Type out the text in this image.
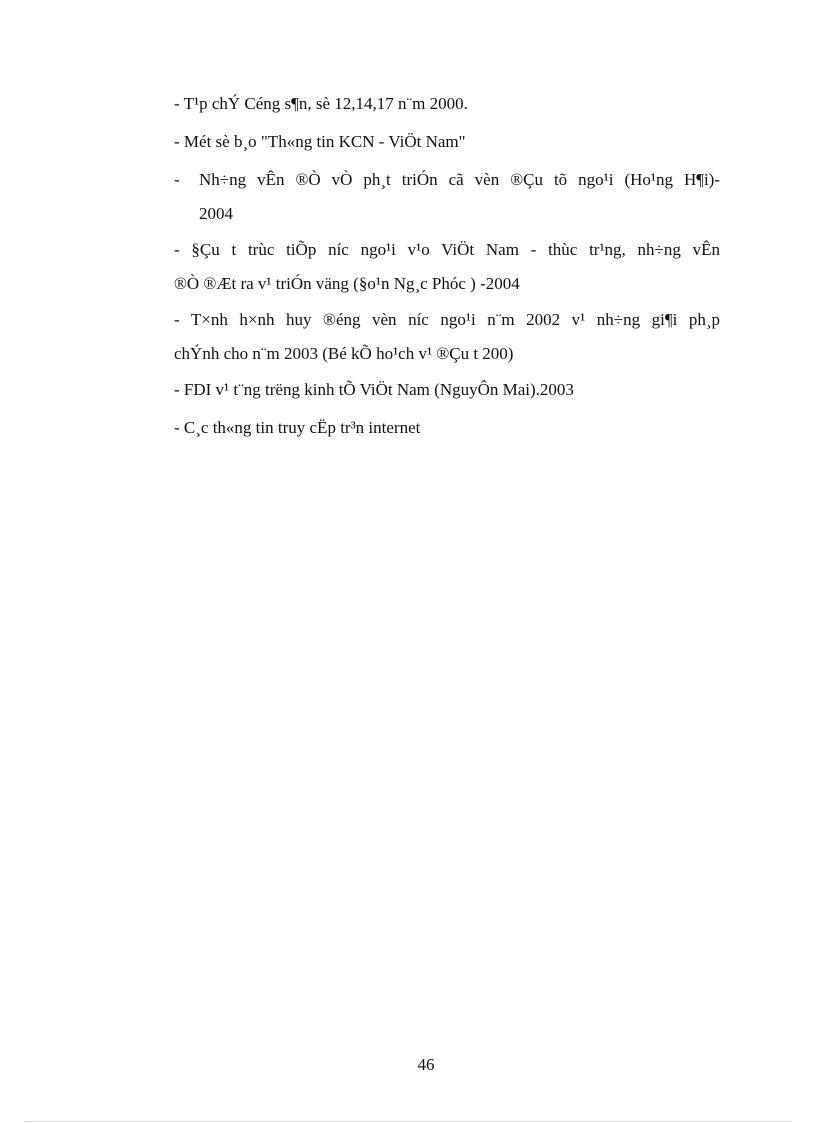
- T¹p chÝ Céng s¶n, sè 12,14,17 n¨m 2000.
- Mét sè b¸o "Th«ng tin KCN - ViÖt Nam"
- Nh÷ng vÊn ®Ò vÒ ph¸t triÓn cã vèn ®Çu tõ ngo¹i (Ho¹ng H¶i)-
2004
- §Çu t trùc tiÕp níc ngo¹i v¹o ViÖt Nam - thùc tr¹ng, nh÷ng vÊn
®Ò ®Æt ra v¹ triÓn väng (§o¹n Ng¸c Phóc ) -2004
- T×nh h×nh huy ®éng vèn níc ngo¹i n¨m 2002 v¹ nh÷ng gi¶i ph¸p
chÝnh cho n¨m 2003 (Bé kÕ ho¹ch v¹ ®Çu t 200)
- FDI v¹ t¨ng trëng kinh tÕ ViÖt Nam (NguyÔn Mai).2003
- C¸c th«ng tin truy cËp tr³n internet
46
